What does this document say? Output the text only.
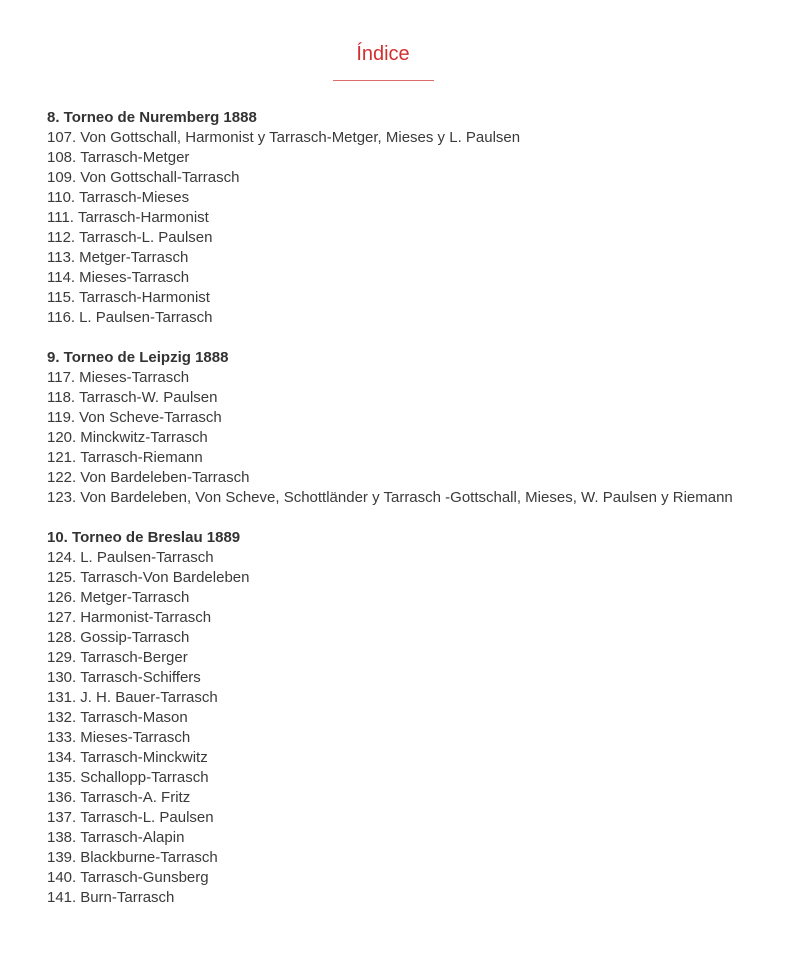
Índice
8. Torneo de Nuremberg 1888
107. Von Gottschall, Harmonist y Tarrasch-Metger, Mieses y L. Paulsen
108. Tarrasch-Metger
109. Von Gottschall-Tarrasch
110. Tarrasch-Mieses
111. Tarrasch-Harmonist
112. Tarrasch-L. Paulsen
113. Metger-Tarrasch
114. Mieses-Tarrasch
115. Tarrasch-Harmonist
116. L. Paulsen-Tarrasch
9. Torneo de Leipzig 1888
117. Mieses-Tarrasch
118. Tarrasch-W. Paulsen
119. Von Scheve-Tarrasch
120. Minckwitz-Tarrasch
121. Tarrasch-Riemann
122. Von Bardeleben-Tarrasch
123. Von Bardeleben, Von Scheve, Schottländer y Tarrasch -Gottschall, Mieses, W. Paulsen y Riemann
10. Torneo de Breslau 1889
124. L. Paulsen-Tarrasch
125. Tarrasch-Von Bardeleben
126. Metger-Tarrasch
127. Harmonist-Tarrasch
128. Gossip-Tarrasch
129. Tarrasch-Berger
130. Tarrasch-Schiffers
131. J. H. Bauer-Tarrasch
132. Tarrasch-Mason
133. Mieses-Tarrasch
134. Tarrasch-Minckwitz
135. Schallopp-Tarrasch
136. Tarrasch-A. Fritz
137. Tarrasch-L. Paulsen
138. Tarrasch-Alapin
139. Blackburne-Tarrasch
140. Tarrasch-Gunsberg
141. Burn-Tarrasch
